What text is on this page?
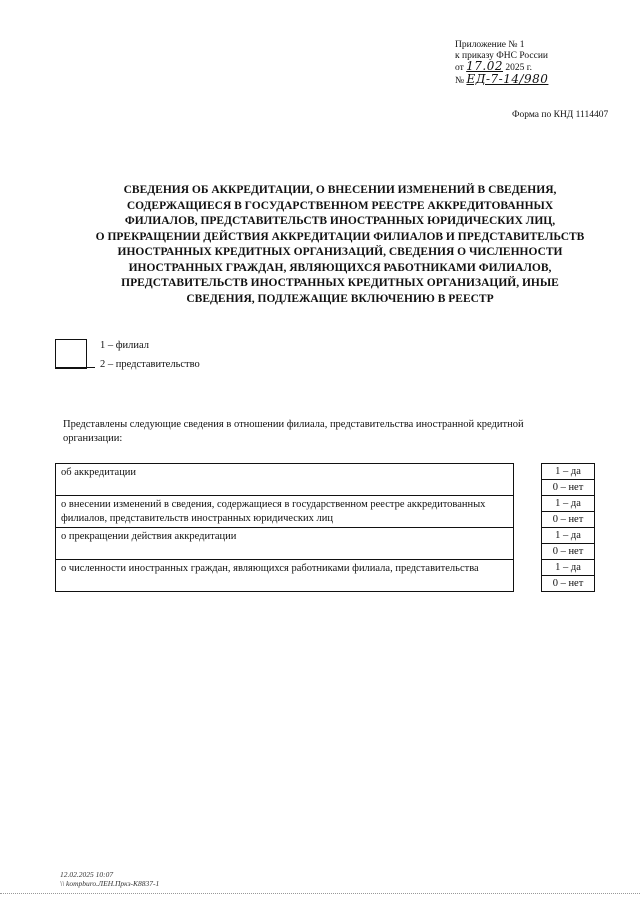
Приложение № 1
к приказу ФНС России
от 17.02 2025 г.
№ ЕД-7-14/980
Форма по КНД 1114407
СВЕДЕНИЯ ОБ АККРЕДИТАЦИИ, О ВНЕСЕНИИ ИЗМЕНЕНИЙ В СВЕДЕНИЯ,
СОДЕРЖАЩИЕСЯ В ГОСУДАРСТВЕННОМ РЕЕСТРЕ АККРЕДИТОВАННЫХ
ФИЛИАЛОВ, ПРЕДСТАВИТЕЛЬСТВ ИНОСТРАННЫХ ЮРИДИЧЕСКИХ ЛИЦ,
О ПРЕКРАЩЕНИИ ДЕЙСТВИЯ АККРЕДИТАЦИИ ФИЛИАЛОВ И ПРЕДСТАВИТЕЛЬСТВ
ИНОСТРАННЫХ КРЕДИТНЫХ ОРГАНИЗАЦИЙ, СВЕДЕНИЯ О ЧИСЛЕННОСТИ
ИНОСТРАННЫХ ГРАЖДАН, ЯВЛЯЮЩИХСЯ РАБОТНИКАМИ ФИЛИАЛОВ,
ПРЕДСТАВИТЕЛЬСТВ ИНОСТРАННЫХ КРЕДИТНЫХ ОРГАНИЗАЦИЙ, ИНЫЕ
СВЕДЕНИЯ, ПОДЛЕЖАЩИЕ ВКЛЮЧЕНИЮ В РЕЕСТР
1 – филиал
2 – представительство
Представлены следующие сведения в отношении филиала, представительства иностранной кредитной организации:
об аккредитации		1 – да
0 – нет

о внесении изменений в сведения, содержащиеся в государственном реестре аккредитованных филиалов, представительств иностранных юридических лиц		1 – да
0 – нет

о прекращении действия аккредитации		1 – да
0 – нет

о численности иностранных граждан, являющихся работниками филиала, представительства		1 – да
0 – нет
12.02.2025 10:07
\\ kompburo.ЛЕН.Пркз-К8837-1
